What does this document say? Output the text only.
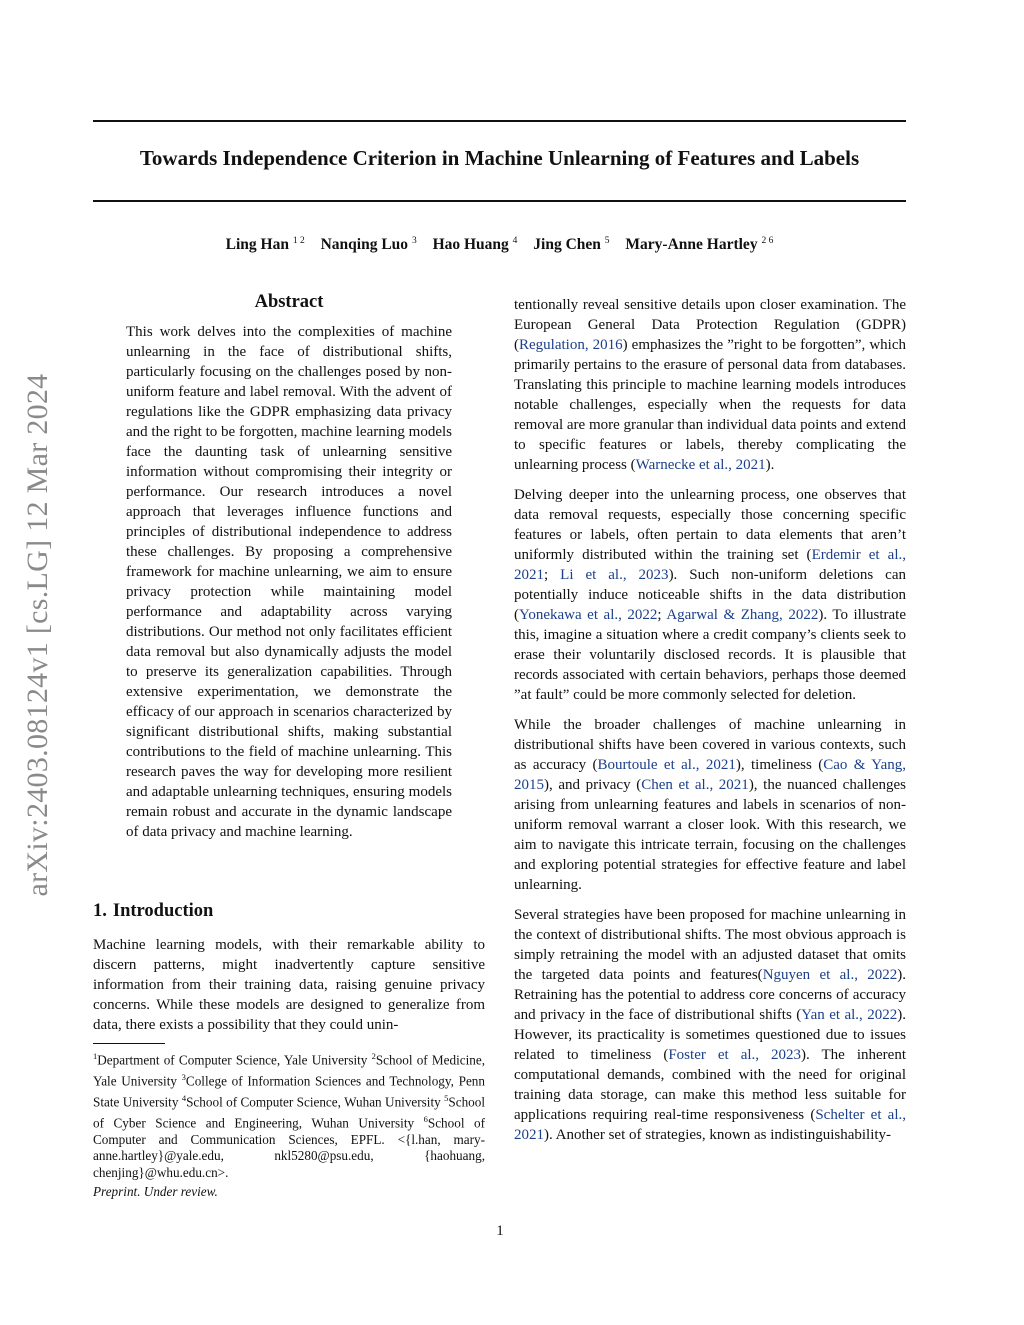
Towards Independence Criterion in Machine Unlearning of Features and Labels
Ling Han $^{1 2}$ Nanqing Luo $^3$ Hao Huang $^4$ Jing Chen $^5$ Mary-Anne Hartley $^{2 6}$
arXiv:2403.08124v1 [cs.LG] 12 Mar 2024
Abstract

This work delves into the complexities of machine unlearning in the face of distributional shifts, particularly focusing on the challenges posed by non-uniform feature and label removal. With the advent of regulations like the GDPR emphasizing data privacy and the right to be forgotten, machine learning models face the daunting task of unlearning sensitive information without compromising their integrity or performance. Our research introduces a novel approach that leverages influence functions and principles of distributional independence to address these challenges. By proposing a comprehensive framework for machine unlearning, we aim to ensure privacy protection while maintaining model performance and adaptability across varying distributions. Our method not only facilitates efficient data removal but also dynamically adjusts the model to preserve its generalization capabilities. Through extensive experimentation, we demonstrate the efficacy of our approach in scenarios characterized by significant distributional shifts, making substantial contributions to the field of machine unlearning. This research paves the way for developing more resilient and adaptable unlearning techniques, ensuring models remain robust and accurate in the dynamic landscape of data privacy and machine learning.

1. Introduction

Machine learning models, with their remarkable ability to discern patterns, might inadvertently capture sensitive information from their training data, raising genuine privacy concerns. While these models are designed to generalize from data, there exists a possibility that they could unin-

$^1$Department of Computer Science, Yale University $^2$School of Medicine, Yale University $^3$College of Information Sciences and Technology, Penn State University $^4$School of Computer Science, Wuhan University $^5$School of Cyber Science and Engineering, Wuhan University $^6$School of Computer and Communication Sciences, EPFL. <{l.han, mary-anne.hartley}@yale.edu, nkl5280@psu.edu, {haohuang, chenjing}@whu.edu.cn>.

Preprint. Under review.

tentionally reveal sensitive details upon closer examination. The European General Data Protection Regulation (GDPR) (Regulation, 2016) emphasizes the ”right to be forgotten”, which primarily pertains to the erasure of personal data from databases. Translating this principle to machine learning models introduces notable challenges, especially when the requests for data removal are more granular than individual data points and extend to specific features or labels, thereby complicating the unlearning process (Warnecke et al., 2021).

Delving deeper into the unlearning process, one observes that data removal requests, especially those concerning specific features or labels, often pertain to data elements that aren’t uniformly distributed within the training set (Erdemir et al., 2021; Li et al., 2023). Such non-uniform deletions can potentially induce noticeable shifts in the data distribution (Yonekawa et al., 2022; Agarwal & Zhang, 2022). To illustrate this, imagine a situation where a credit company’s clients seek to erase their voluntarily disclosed records. It is plausible that records associated with certain behaviors, perhaps those deemed ”at fault” could be more commonly selected for deletion.

While the broader challenges of machine unlearning in distributional shifts have been covered in various contexts, such as accuracy (Bourtoule et al., 2021), timeliness (Cao & Yang, 2015), and privacy (Chen et al., 2021), the nuanced challenges arising from unlearning features and labels in scenarios of non-uniform removal warrant a closer look. With this research, we aim to navigate this intricate terrain, focusing on the challenges and exploring potential strategies for effective feature and label unlearning.

Several strategies have been proposed for machine unlearning in the context of distributional shifts. The most obvious approach is simply retraining the model with an adjusted dataset that omits the targeted data points and features(Nguyen et al., 2022). Retraining has the potential to address core concerns of accuracy and privacy in the face of distributional shifts (Yan et al., 2022). However, its practicality is sometimes questioned due to issues related to timeliness (Foster et al., 2023). The inherent computational demands, combined with the need for original training data storage, can make this method less suitable for applications requiring real-time responsiveness (Schelter et al., 2021). Another set of strategies, known as indistinguishability-

1
